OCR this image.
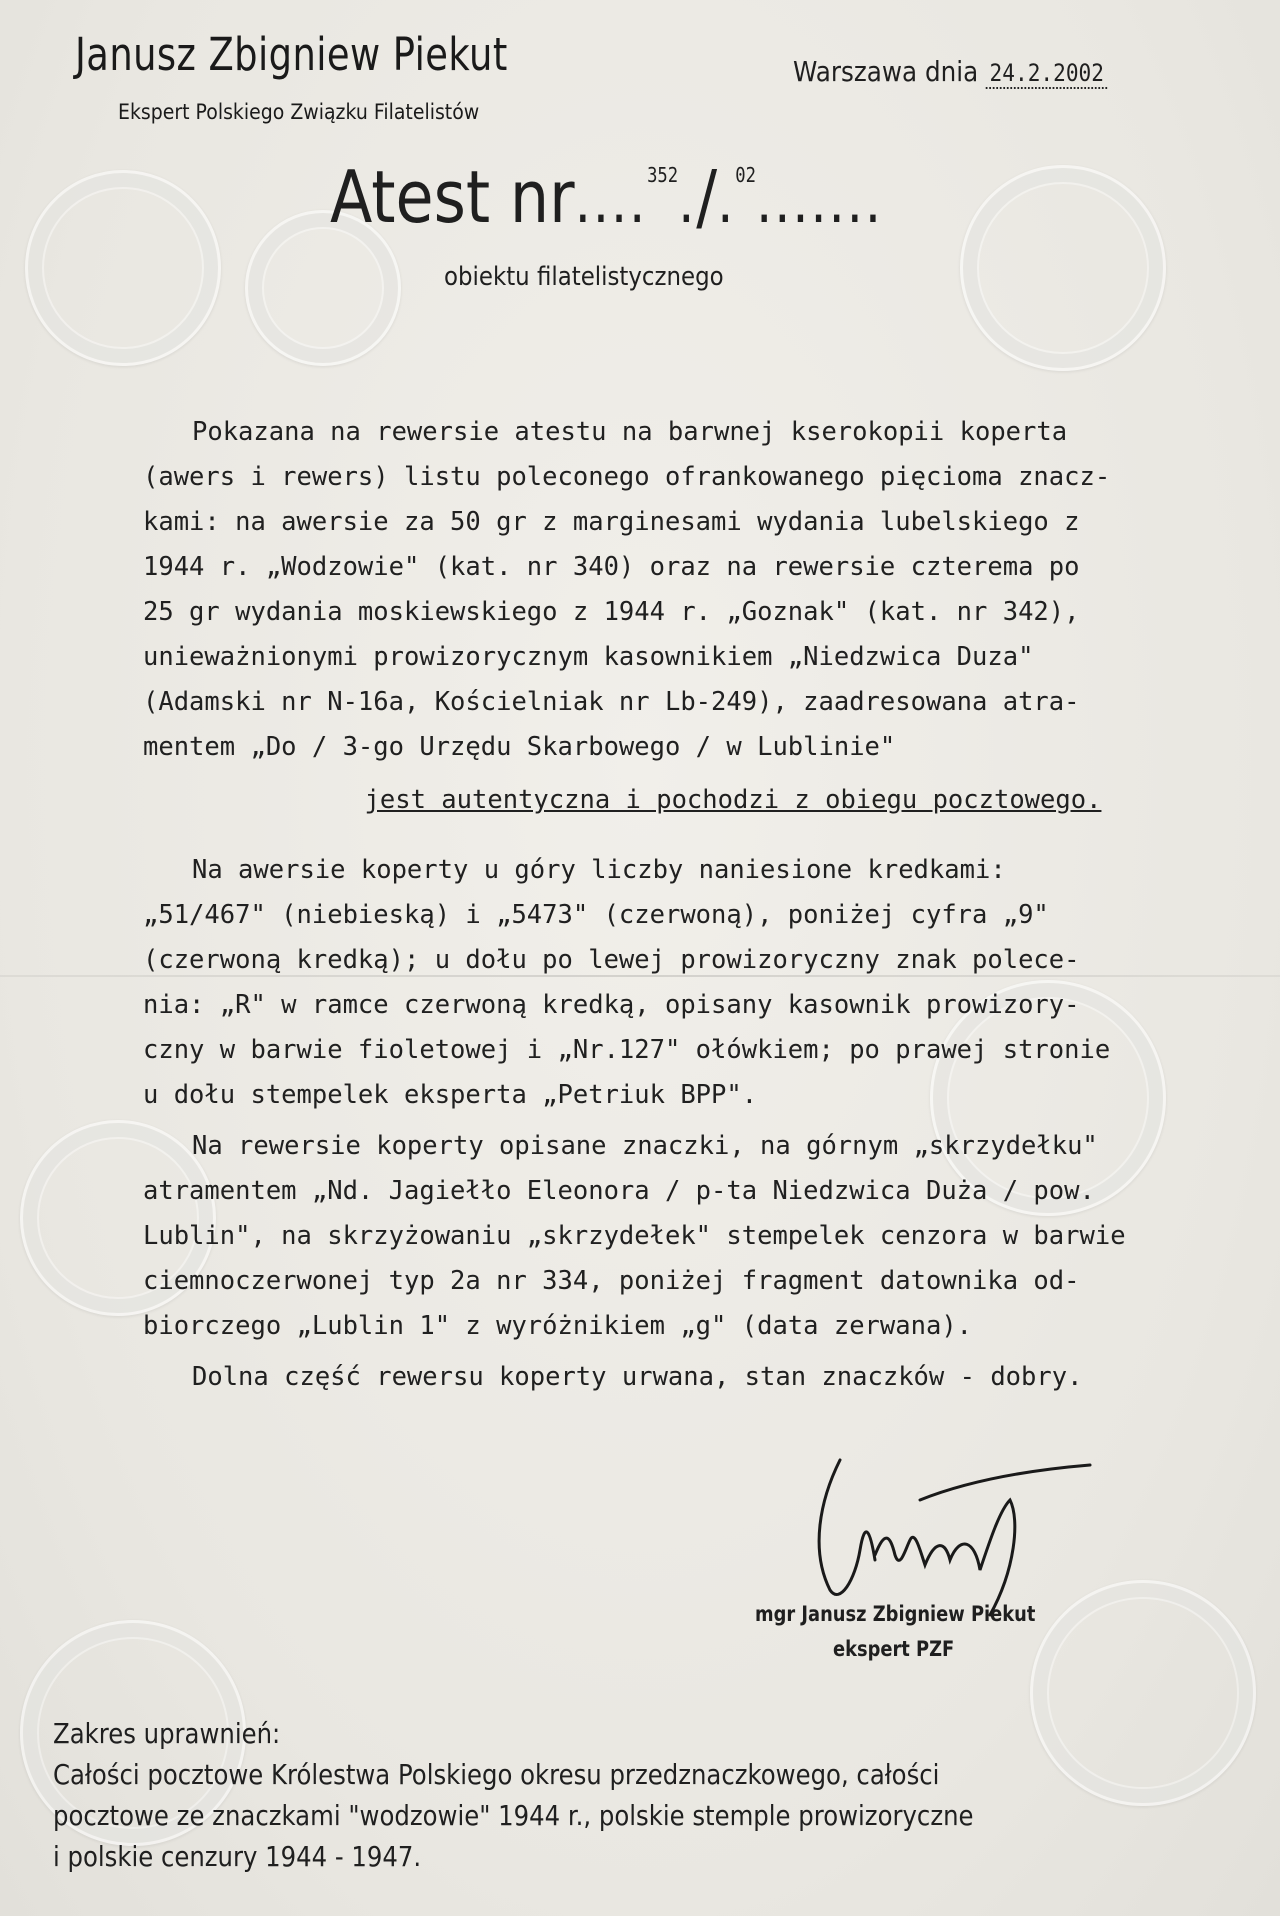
Janusz Zbigniew Piekut
Ekspert Polskiego Związku Filatelistów
Warszawa dnia 24.2.2002
Atest nr....$^{352}$./.$^{02}$.......
obiektu filatelistycznego

Pokazana na rewersie atestu na barwnej kserokopii koperta

(awers i rewers) listu poleconego ofrankowanego pięcioma znacz-
kami: na awersie za 50 gr z marginesami wydania lubelskiego z
1944 r. „Wodzowie" (kat. nr 340) oraz na rewersie czterema po
25 gr wydania moskiewskiego z 1944 r. „Goznak" (kat. nr 342),
unieważnionymi prowizorycznym kasownikiem „Niedzwica Duza"
(Adamski nr N-16a, Kościelniak nr Lb-249), zaadresowana atra-
mentem „Do / 3-go Urzędu Skarbowego / w Lublinie"
jest autentyczna i pochodzi z obiegu pocztowego.
Na awersie koperty u góry liczby naniesione kredkami:
„51/467" (niebieską) i „5473" (czerwoną), poniżej cyfra „9"
(czerwoną kredką); u dołu po lewej prowizoryczny znak polece-
nia: „R" w ramce czerwoną kredką, opisany kasownik prowizory-
czny w barwie fioletowej i „Nr.127" ołówkiem; po prawej stronie
u dołu stempelek eksperta „Petriuk BPP".
Na rewersie koperty opisane znaczki, na górnym „skrzydełku"
atramentem „Nd. Jagiełło Eleonora / p-ta Niedzwica Duża / pow.
Lublin", na skrzyżowaniu „skrzydełek" stempelek cenzora w barwie
ciemnoczerwonej typ 2a nr 334, poniżej fragment datownika od-
biorczego „Lublin 1" z wyróżnikiem „g" (data zerwana).
Dolna część rewersu koperty urwana, stan znaczków - dobry.
mgr Janusz Zbigniew Piekut
ekspert PZF
Zakres uprawnień:
Całości pocztowe Królestwa Polskiego okresu przedznaczkowego, całości
pocztowe ze znaczkami "wodzowie" 1944 r., polskie stemple prowizoryczne
i polskie cenzury 1944 - 1947.
